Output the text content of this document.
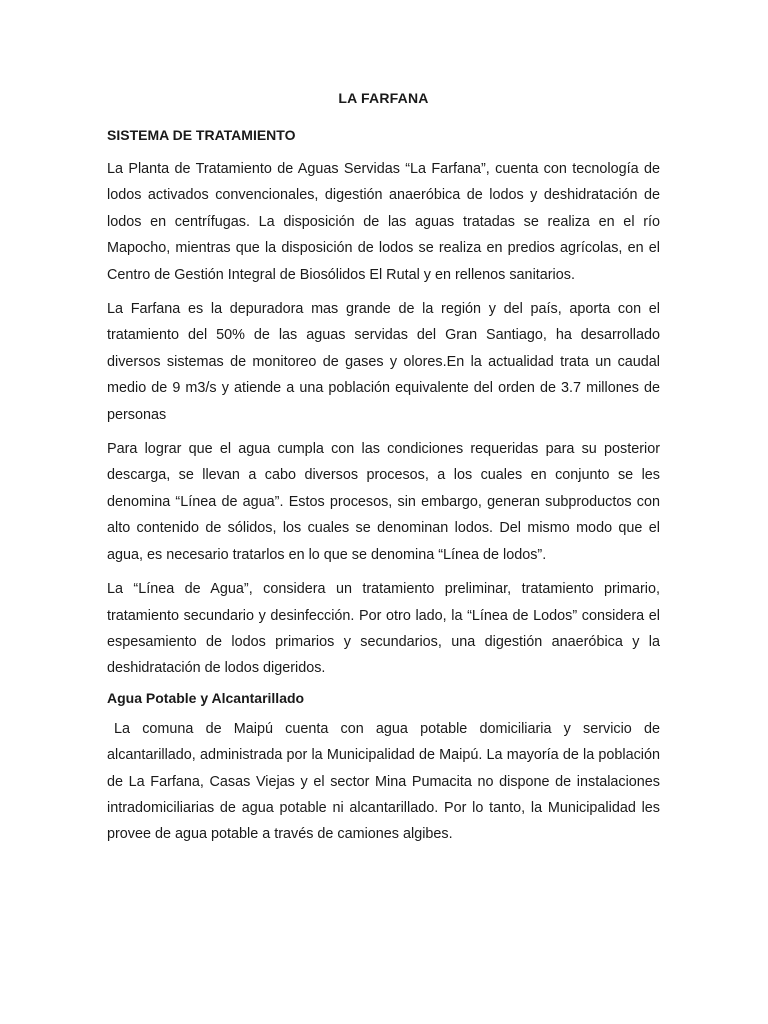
LA FARFANA
SISTEMA DE TRATAMIENTO

La Planta de Tratamiento de Aguas Servidas “La Farfana”, cuenta con tecnología de lodos activados convencionales, digestión anaeróbica de lodos y deshidratación de lodos en centrífugas. La disposición de las aguas tratadas se realiza en el río Mapocho, mientras que la disposición de lodos se realiza en predios agrícolas, en el Centro de Gestión Integral de Biosólidos El Rutal y en rellenos sanitarios.

La Farfana es la depuradora mas grande de la región y del país, aporta con el tratamiento del 50% de las aguas servidas del Gran Santiago, ha desarrollado diversos sistemas de monitoreo de gases y olores.En la actualidad trata un caudal medio de 9 m3/s y atiende a una población equivalente del orden de 3.7 millones de personas

Para lograr que el agua cumpla con las condiciones requeridas para su posterior descarga, se llevan a cabo diversos procesos, a los cuales en conjunto se les denomina “Línea de agua”. Estos procesos, sin embargo, generan subproductos con alto contenido de sólidos, los cuales se denominan lodos. Del mismo modo que el agua, es necesario tratarlos en lo que se denomina “Línea de lodos”.

La “Línea de Agua”, considera un tratamiento preliminar, tratamiento primario, tratamiento secundario y desinfección. Por otro lado, la “Línea de Lodos” considera el espesamiento de lodos primarios y secundarios, una digestión anaeróbica y la deshidratación de lodos digeridos.

Agua Potable y Alcantarillado

La comuna de Maipú cuenta con agua potable domiciliaria y servicio de alcantarillado, administrada por la Municipalidad de Maipú. La mayoría de la población de La Farfana, Casas Viejas y el sector Mina Pumacita no dispone de instalaciones intradomiciliarias de agua potable ni alcantarillado. Por lo tanto, la Municipalidad les provee de agua potable a través de camiones algibes.
